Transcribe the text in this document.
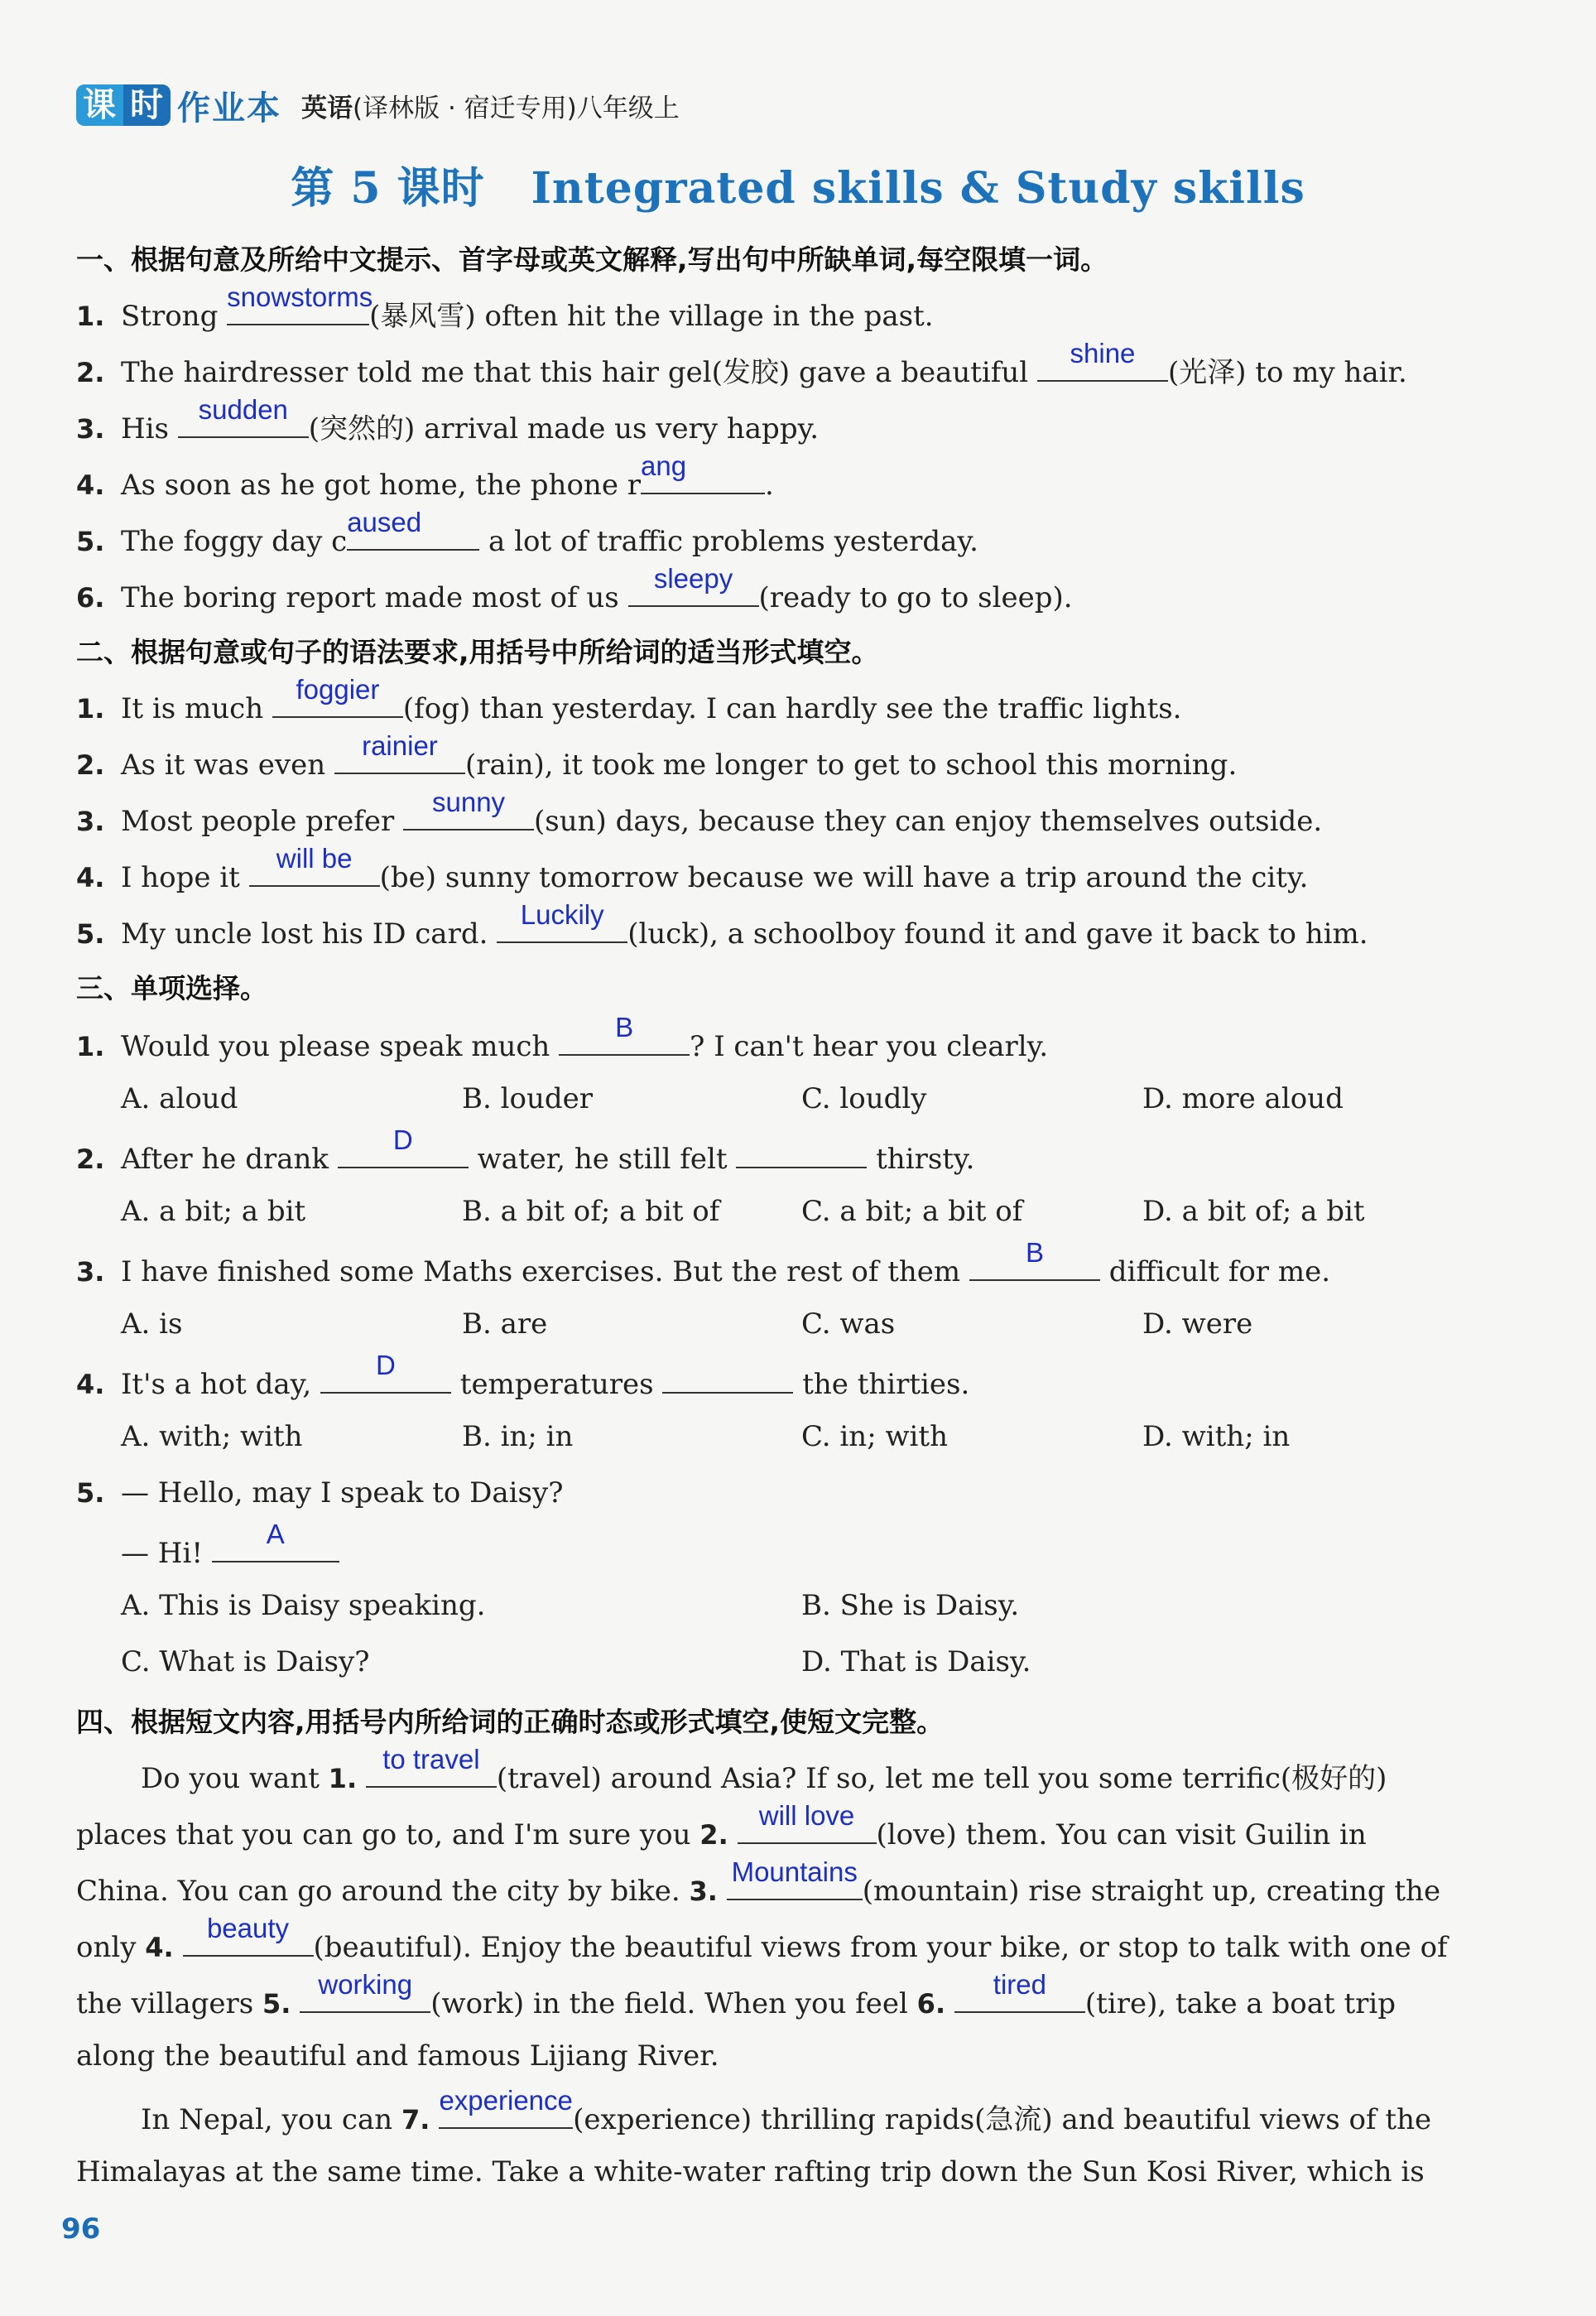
课 时 作业本 英语(译林版 · 宿迁专用)八年级上
第 5 课时 Integrated skills & Study skills
一、根据句意及所给中文提示、首字母或英文解释,写出句中所缺单词,每空限填一词。
1. Strong
snowstorms
(暴风雪) often hit the village in the past.
2. The hairdresser told me that this hair gel(发胶) gave a beautiful
shine
(光泽) to my hair.
3. His
sudden
(突然的) arrival made us very happy.
4. As soon as he got home, the phone r
ang
.
5. The foggy day c
aused
a lot of traffic problems yesterday.
6. The boring report made most of us
sleepy
(ready to go to sleep).
二、根据句意或句子的语法要求,用括号中所给词的适当形式填空。
1. It is much
foggier
(fog) than yesterday. I can hardly see the traffic lights.
2. As it was even
rainier
(rain), it took me longer to get to school this morning.
3. Most people prefer
sunny
(sun) days, because they can enjoy themselves outside.
4. I hope it
will be
(be) sunny tomorrow because we will have a trip around the city.
5. My uncle lost his ID card.
Luckily
(luck), a schoolboy found it and gave it back to him.
三、单项选择。
1. Would you please speak much
B
? I can't hear you clearly.
A. aloud	B. louder	C. loudly	D. more aloud
2. After he drank
D
water, he still felt	thirsty.
A. a bit; a bit	B. a bit of; a bit of	C. a bit; a bit of	D. a bit of; a bit
3. I have finished some Maths exercises. But the rest of them
B
difficult for me.
A. is	B. are	C. was	D. were
4. It's a hot day,
D
temperatures	the thirties.
A. with; with	B. in; in	C. in; with	D. with; in
5. — Hello, may I speak to Daisy?
— Hi!
A
A. This is Daisy speaking.	B. She is Daisy.
C. What is Daisy?	D. That is Daisy.
四、根据短文内容,用括号内所给词的正确时态或形式填空,使短文完整。
Do you want 1.
to travel
(travel) around Asia? If so, let me tell you some terrific(极好的)
places that you can go to, and I'm sure you 2.
will love
(love) them. You can visit Guilin in
China. You can go around the city by bike. 3.
Mountains
(mountain) rise straight up, creating the
only 4.
beauty
(beautiful). Enjoy the beautiful views from your bike, or stop to talk with one of
the villagers 5.
working
(work) in the field. When you feel 6.
tired
(tire), take a boat trip
along the beautiful and famous Lijiang River.
In Nepal, you can 7.
experience
(experience) thrilling rapids(急流) and beautiful views of the
Himalayas at the same time. Take a white-water rafting trip down the Sun Kosi River, which is
96
